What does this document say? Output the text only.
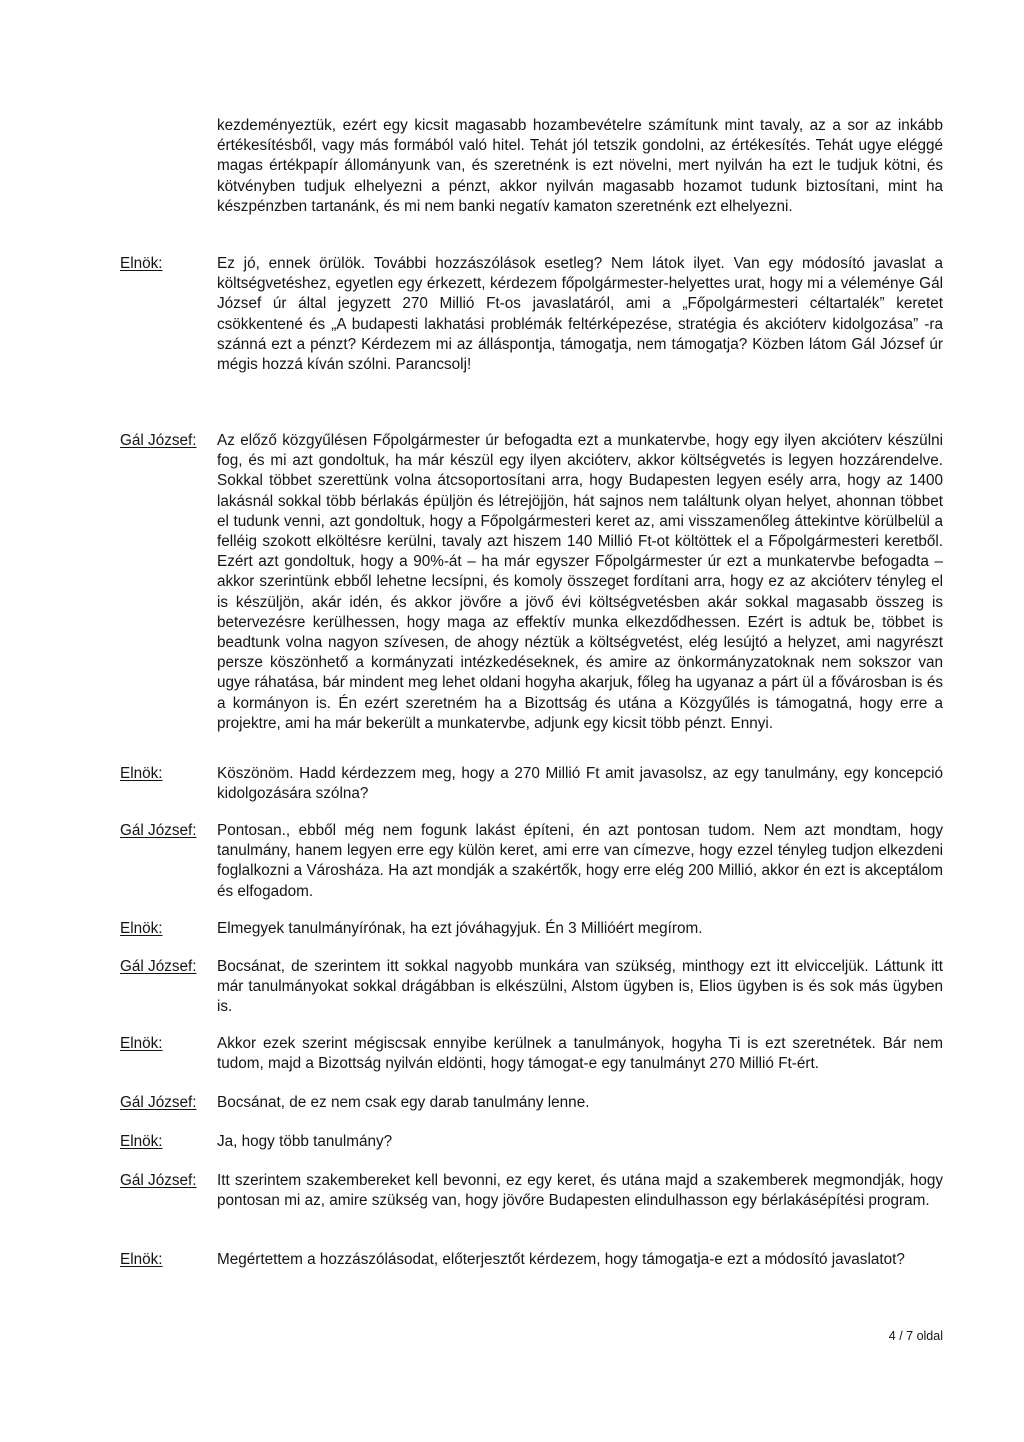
kezdeményeztük, ezért egy kicsit magasabb hozambevételre számítunk mint tavaly, az a sor az inkább értékesítésből, vagy más formából való hitel. Tehát jól tetszik gondolni, az értékesítés. Tehát ugye eléggé magas értékpapír állományunk van, és szeretnénk is ezt növelni, mert nyilván ha ezt le tudjuk kötni, és kötvényben tudjuk elhelyezni a pénzt, akkor nyilván magasabb hozamot tudunk biztosítani, mint ha készpénzben tartanánk, és mi nem banki negatív kamaton szeretnénk ezt elhelyezni.
Elnök:	Ez jó, ennek örülök. További hozzászólások esetleg? Nem látok ilyet. Van egy módosító javaslat a költségvetéshez, egyetlen egy érkezett, kérdezem főpolgármester-helyettes urat, hogy mi a véleménye Gál József úr által jegyzett 270 Millió Ft-os javaslatáról, ami a „Főpolgármesteri céltartalék” keretet csökkentené és „A budapesti lakhatási problémák feltérképezése, stratégia és akcióterv kidolgozása” -ra szánná ezt a pénzt? Kérdezem mi az álláspontja, támogatja, nem támogatja? Közben látom Gál József úr mégis hozzá kíván szólni. Parancsolj!
Gál József: Az előző közgyűlésen Főpolgármester úr befogadta ezt a munkatervbe, hogy egy ilyen akcióterv készülni fog, és mi azt gondoltuk, ha már készül egy ilyen akcióterv, akkor költségvetés is legyen hozzárendelve. Sokkal többet szerettünk volna átcsoportosítani arra, hogy Budapesten legyen esély arra, hogy az 1400 lakásnál sokkal több bérlakás épüljön és létrejöjjön, hát sajnos nem találtunk olyan helyet, ahonnan többet el tudunk venni, azt gondoltuk, hogy a Főpolgármesteri keret az, ami visszamenőleg áttekintve körülbelül a felléig szokott elköltésre kerülni, tavaly azt hiszem 140 Millió Ft-ot költöttek el a Főpolgármesteri keretből. Ezért azt gondoltuk, hogy a 90%-át – ha már egyszer Főpolgármester úr ezt a munkatervbe befogadta – akkor szerintünk ebből lehetne lecsípni, és komoly összeget fordítani arra, hogy ez az akcióterv tényleg el is készüljön, akár idén, és akkor jövőre a jövő évi költségvetésben akár sokkal magasabb összeg is betervezésre kerülhessen, hogy maga az effektív munka elkezdődhessen. Ezért is adtuk be, többet is beadtunk volna nagyon szívesen, de ahogy néztük a költségvetést, elég lesújtó a helyzet, ami nagyrészt persze köszönhető a kormányzati intézkedéseknek, és amire az önkormányzatoknak nem sokszor van ugye ráhatása, bár mindent meg lehet oldani hogyha akarjuk, főleg ha ugyanaz a párt ül a fővárosban is és a kormányon is. Én ezért szeretném ha a Bizottság és utána a Közgyűlés is támogatná, hogy erre a projektre, ami ha már bekerült a munkatervbe, adjunk egy kicsit több pénzt. Ennyi.
Elnök:	Köszönöm. Hadd kérdezzem meg, hogy a 270 Millió Ft amit javasolsz, az egy tanulmány, egy koncepció kidolgozására szólna?
Gál József: Pontosan., ebből még nem fogunk lakást építeni, én azt pontosan tudom. Nem azt mondtam, hogy tanulmány, hanem legyen erre egy külön keret, ami erre van címezve, hogy ezzel tényleg tudjon elkezdeni foglalkozni a Városháza. Ha azt mondják a szakértők, hogy erre elég 200 Millió, akkor én ezt is akceptálom és elfogadom.
Elnök:	Elmegyek tanulmányírónak, ha ezt jóváhagyjuk. Én 3 Millióért megírom.
Gál József: Bocsánat, de szerintem itt sokkal nagyobb munkára van szükség, minthogy ezt itt elvicceljük. Láttunk itt már tanulmányokat sokkal drágábban is elkészülni, Alstom ügyben is, Elios ügyben is és sok más ügyben is.
Elnök:	Akkor ezek szerint mégiscsak ennyibe kerülnek a tanulmányok, hogyha Ti is ezt szeretnétek. Bár nem tudom, majd a Bizottság nyilván eldönti, hogy támogat-e egy tanulmányt 270 Millió Ft-ért.
Gál József: Bocsánat, de ez nem csak egy darab tanulmány lenne.
Elnök:	Ja, hogy több tanulmány?
Gál József: Itt szerintem szakembereket kell bevonni, ez egy keret, és utána majd a szakemberek megmondják, hogy pontosan mi az, amire szükség van, hogy jövőre Budapesten elindulhasson egy bérlakásépítési program.
Elnök:	Megértettem a hozzászólásodat, előterjesztőt kérdezem, hogy támogatja-e ezt a módosító javaslatot?
4 / 7 oldal
